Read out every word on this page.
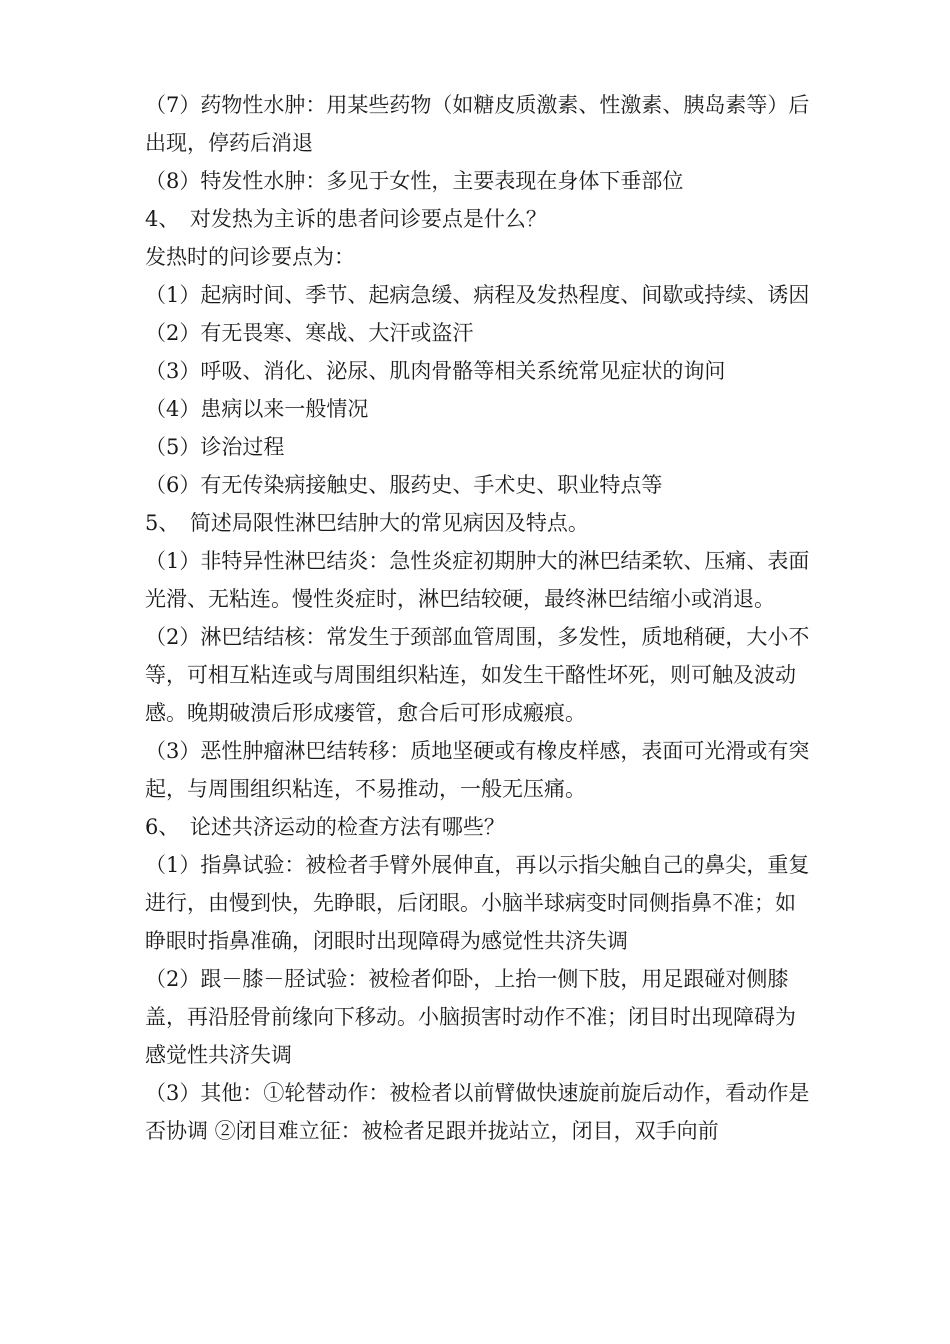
（7）药物性水肿：用某些药物（如糖皮质激素、性激素、胰岛素等）后出现，停药后消退

（8）特发性水肿：多见于女性，主要表现在身体下垂部位

4、　对发热为主诉的患者问诊要点是什么？

发热时的问诊要点为：

（1）起病时间、季节、起病急缓、病程及发热程度、间歇或持续、诱因

（2）有无畏寒、寒战、大汗或盗汗

（3）呼吸、消化、泌尿、肌肉骨骼等相关系统常见症状的询问

（4）患病以来一般情况

（5）诊治过程

（6）有无传染病接触史、服药史、手术史、职业特点等

5、　简述局限性淋巴结肿大的常见病因及特点。

（1）非特异性淋巴结炎：急性炎症初期肿大的淋巴结柔软、压痛、表面光滑、无粘连。慢性炎症时，淋巴结较硬，最终淋巴结缩小或消退。

（2）淋巴结结核：常发生于颈部血管周围，多发性，质地稍硬，大小不等，可相互粘连或与周围组织粘连，如发生干酪性坏死，则可触及波动感。晚期破溃后形成瘘管，愈合后可形成瘢痕。

（3）恶性肿瘤淋巴结转移：质地坚硬或有橡皮样感，表面可光滑或有突起，与周围组织粘连，不易推动，一般无压痛。

6、　论述共济运动的检查方法有哪些？

（1）指鼻试验：被检者手臂外展伸直，再以示指尖触自己的鼻尖，重复进行，由慢到快，先睁眼，后闭眼。小脑半球病变时同侧指鼻不准；如睁眼时指鼻准确，闭眼时出现障碍为感觉性共济失调

（2）跟－膝－胫试验：被检者仰卧，上抬一侧下肢，用足跟碰对侧膝盖，再沿胫骨前缘向下移动。小脑损害时动作不准；闭目时出现障碍为感觉性共济失调

（3）其他：①轮替动作：被检者以前臂做快速旋前旋后动作，看动作是否协调 ②闭目难立征：被检者足跟并拢站立，闭目，双手向前
